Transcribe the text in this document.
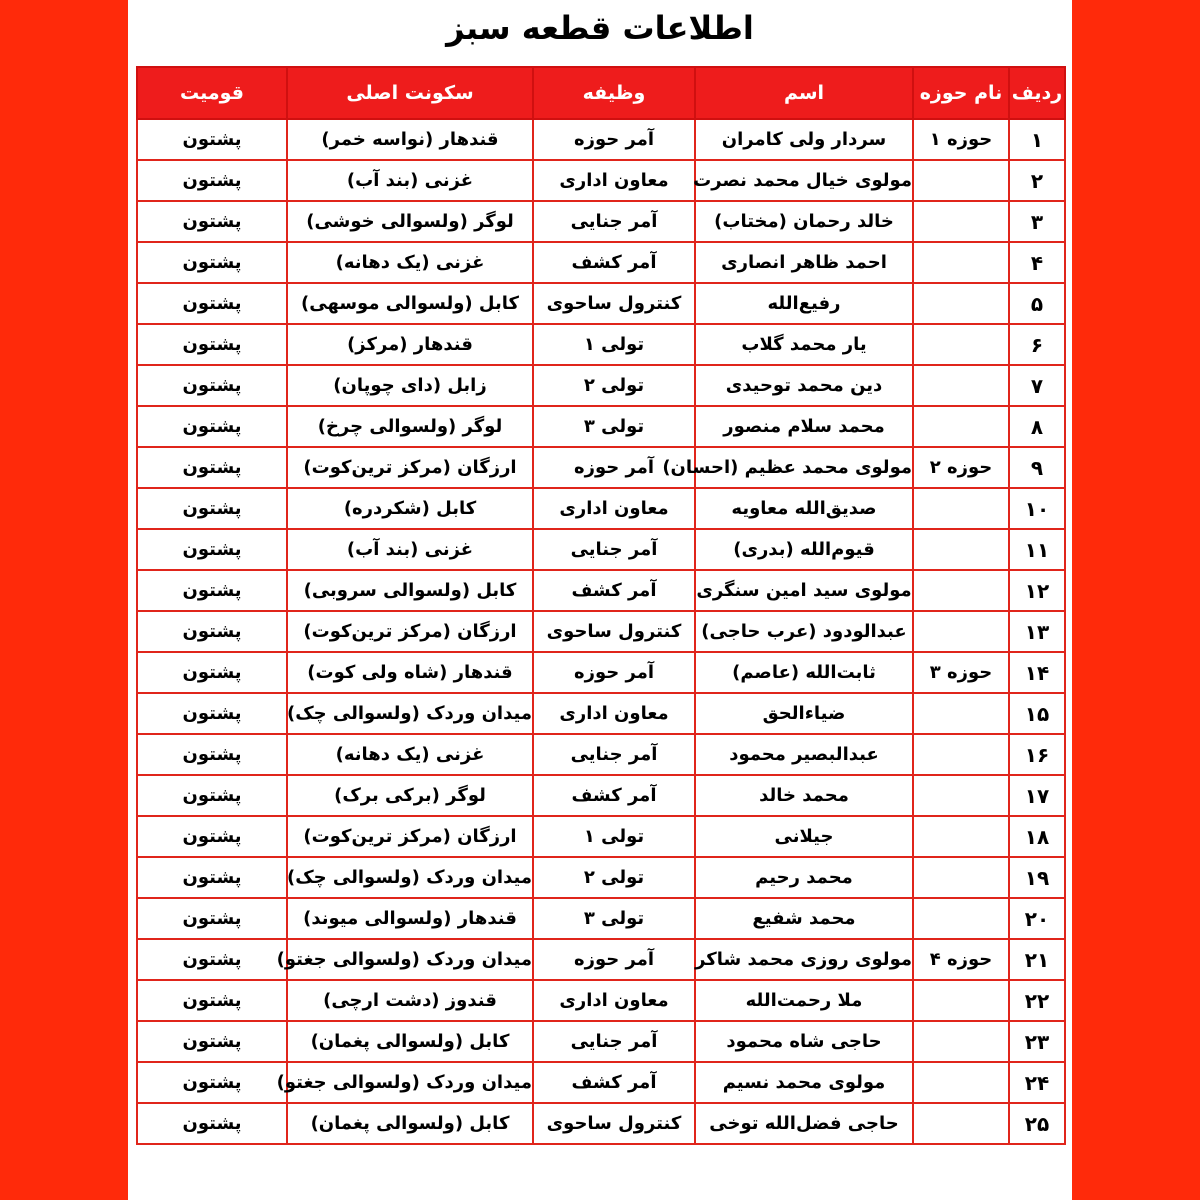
اطلاعات قطعه سبز
ردیف	نام حوزه	اسم	وظیفه	سکونت اصلی	قومیت
۱	حوزه ۱	سردار ولی کامران	آمر حوزه	قندهار (نواسه خمر)	پشتون
۲		مولوی خیال محمد نصرت	معاون اداری	غزنی (بند آب)	پشتون
۳		خالد رحمان (مختاب)	آمر جنایی	لوگر (ولسوالی خوشی)	پشتون
۴		احمد ظاهر انصاری	آمر کشف	غزنی (یک دهانه)	پشتون
۵		رفیع‌الله	کنترول ساحوی	کابل (ولسوالی موسهی)	پشتون
۶		یار محمد گلاب	تولی ۱	قندهار (مرکز)	پشتون
۷		دین محمد توحیدی	تولی ۲	زابل (دای چوپان)	پشتون
۸		محمد سلام منصور	تولی ۳	لوگر (ولسوالی چرخ)	پشتون
۹	حوزه ۲	مولوی محمد عظیم (احسان)	آمر حوزه	ارزگان (مرکز ترین‌کوت)	پشتون
۱۰		صدیق‌الله معاویه	معاون اداری	کابل (شکردره)	پشتون
۱۱		قیوم‌الله (بدری)	آمر جنایی	غزنی (بند آب)	پشتون
۱۲		مولوی سید امین سنگری	آمر کشف	کابل (ولسوالی سروبی)	پشتون
۱۳		عبدالودود (عرب حاجی)	کنترول ساحوی	ارزگان (مرکز ترین‌کوت)	پشتون
۱۴	حوزه ۳	ثابت‌الله (عاصم)	آمر حوزه	قندهار (شاه ولی کوت)	پشتون
۱۵		ضیاءالحق	معاون اداری	میدان وردک (ولسوالی چک)	پشتون
۱۶		عبدالبصیر محمود	آمر جنایی	غزنی (یک دهانه)	پشتون
۱۷		محمد خالد	آمر کشف	لوگر (برکی برک)	پشتون
۱۸		جیلانی	تولی ۱	ارزگان (مرکز ترین‌کوت)	پشتون
۱۹		محمد رحیم	تولی ۲	میدان وردک (ولسوالی چک)	پشتون
۲۰		محمد شفیع	تولی ۳	قندهار (ولسوالی میوند)	پشتون
۲۱	حوزه ۴	مولوی روزی محمد شاکر	آمر حوزه	میدان وردک (ولسوالی جغتو)	پشتون
۲۲		ملا رحمت‌الله	معاون اداری	قندوز (دشت ارچی)	پشتون
۲۳		حاجی شاه محمود	آمر جنایی	کابل (ولسوالی پغمان)	پشتون
۲۴		مولوی محمد نسیم	آمر کشف	میدان وردک (ولسوالی جغتو)	پشتون
۲۵		حاجی فضل‌الله توخی	کنترول ساحوی	کابل (ولسوالی پغمان)	پشتون
